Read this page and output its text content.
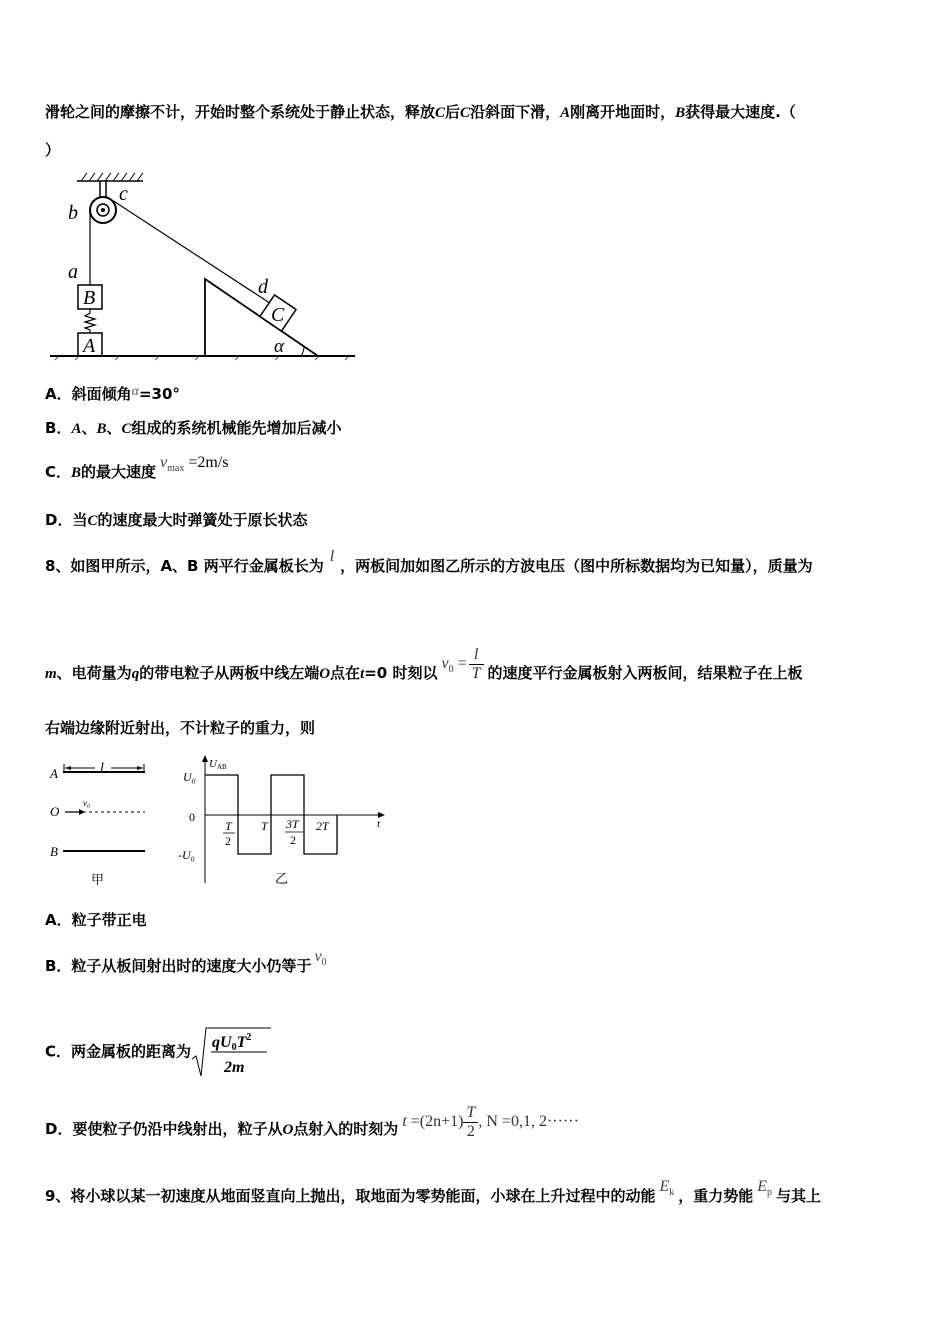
滑轮之间的摩擦不计，开始时整个系统处于静止状态，释放C后C沿斜面下滑，A刚离开地面时，B获得最大速度.（
）
C
c
b
a
d
B
A	α
A．斜面倾角α=30°
B．A、B、C组成的系统机械能先增加后减小
C．B的最大速度$v_{max} =2m/s$
D．当C的速度最大时弹簧处于原长状态
8、如图甲所示，A、B 两平行金属板长为l，两板间加如图乙所示的方波电压（图中所标数据均为已知量），质量为
m、电荷量为q的带电粒子从两板中线左端O点在t=0 时刻以$v_0 = \frac{l}{T}$ 的速度平行金属板射入两板间，结果粒子在上板
右端边缘附近射出，不计粒子的重力，则
A	l
O
v₀
B
甲
UAB
t
U₀
0
-U₀
T
2
T 3T
2
2T
乙
A．粒子带正电
B．粒子从板间射出时的速度大小仍等于$v_0$
C．两金属板的距离为 $qU0T^2$
2m
D．要使粒子仍沿中线射出，粒子从O点射入的时刻为 $t =(2n+1) \frac{T}{2}$ , N =0,1, 2······
9、将小球以某一初速度从地面竖直向上抛出，取地面为零势能面，小球在上升过程中的动能$E_k$ ，重力势能$E_p$ 与其上
